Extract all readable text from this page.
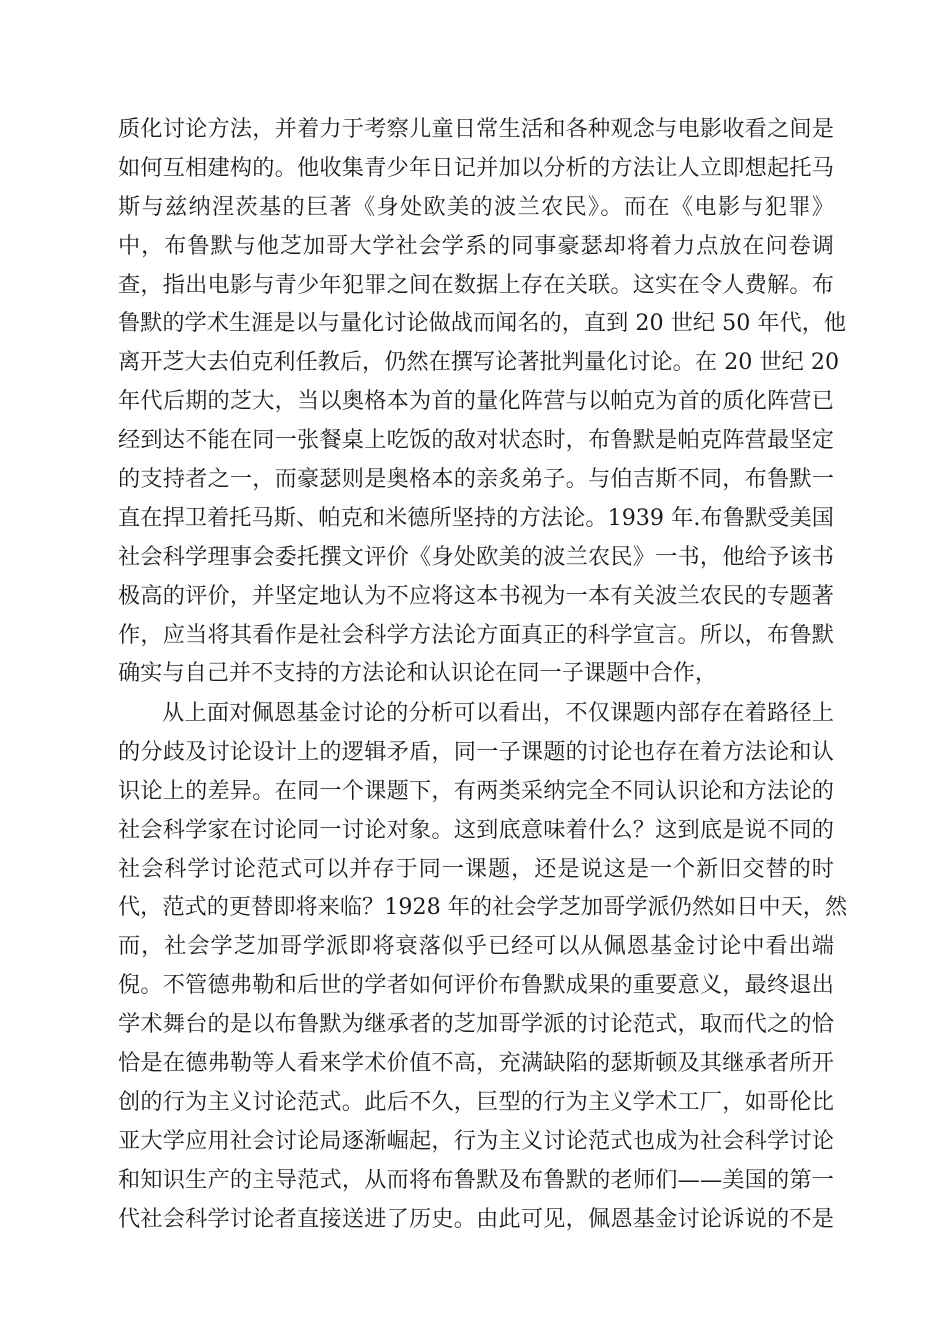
质化讨论方法，并着力于考察儿童日常生活和各种观念与电影收看之间是
如何互相建构的。他收集青少年日记并加以分析的方法让人立即想起托马
斯与兹纳涅茨基的巨著《身处欧美的波兰农民》。而在《电影与犯罪》
中，布鲁默与他芝加哥大学社会学系的同事豪瑟却将着力点放在问卷调
查，指出电影与青少年犯罪之间在数据上存在关联。这实在令人费解。布
鲁默的学术生涯是以与量化讨论做战而闻名的，直到 20 世纪 50 年代，他
离开芝大去伯克利任教后，仍然在撰写论著批判量化讨论。在 20 世纪 20
年代后期的芝大，当以奥格本为首的量化阵营与以帕克为首的质化阵营已
经到达不能在同一张餐桌上吃饭的敌对状态时，布鲁默是帕克阵营最坚定
的支持者之一，而豪瑟则是奥格本的亲炙弟子。与伯吉斯不同，布鲁默一
直在捍卫着托马斯、帕克和米德所坚持的方法论。1939 年.布鲁默受美国
社会科学理事会委托撰文评价《身处欧美的波兰农民》一书，他给予该书
极高的评价，并坚定地认为不应将这本书视为一本有关波兰农民的专题著
作，应当将其看作是社会科学方法论方面真正的科学宣言。所以，布鲁默
确实与自己并不支持的方法论和认识论在同一子课题中合作，
从上面对佩恩基金讨论的分析可以看出，不仅课题内部存在着路径上
的分歧及讨论设计上的逻辑矛盾，同一子课题的讨论也存在着方法论和认
识论上的差异。在同一个课题下，有两类采纳完全不同认识论和方法论的
社会科学家在讨论同一讨论对象。这到底意味着什么？这到底是说不同的
社会科学讨论范式可以并存于同一课题，还是说这是一个新旧交替的时
代，范式的更替即将来临？1928 年的社会学芝加哥学派仍然如日中天，然
而，社会学芝加哥学派即将衰落似乎已经可以从佩恩基金讨论中看出端
倪。不管德弗勒和后世的学者如何评价布鲁默成果的重要意义，最终退出
学术舞台的是以布鲁默为继承者的芝加哥学派的讨论范式，取而代之的恰
恰是在德弗勒等人看来学术价值不高，充满缺陷的瑟斯顿及其继承者所开
创的行为主义讨论范式。此后不久，巨型的行为主义学术工厂，如哥伦比
亚大学应用社会讨论局逐渐崛起，行为主义讨论范式也成为社会科学讨论
和知识生产的主导范式，从而将布鲁默及布鲁默的老师们——美国的第一
代社会科学讨论者直接送进了历史。由此可见，佩恩基金讨论诉说的不是
